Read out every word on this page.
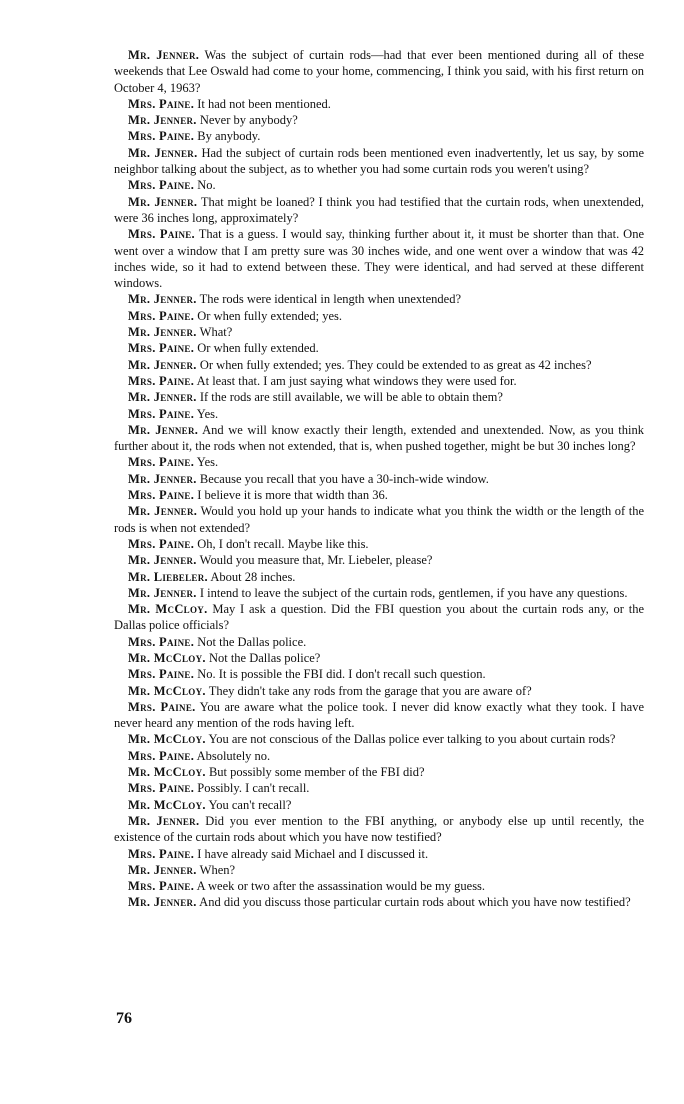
Mr. Jenner. Was the subject of curtain rods—had that ever been mentioned during all of these weekends that Lee Oswald had come to your home, commencing, I think you said, with his first return on October 4, 1963?

Mrs. Paine. It had not been mentioned.

Mr. Jenner. Never by anybody?

Mrs. Paine. By anybody.

Mr. Jenner. Had the subject of curtain rods been mentioned even inadvertently, let us say, by some neighbor talking about the subject, as to whether you had some curtain rods you weren't using?

Mrs. Paine. No.

Mr. Jenner. That might be loaned? I think you had testified that the curtain rods, when unextended, were 36 inches long, approximately?

Mrs. Paine. That is a guess. I would say, thinking further about it, it must be shorter than that. One went over a window that I am pretty sure was 30 inches wide, and one went over a window that was 42 inches wide, so it had to extend between these. They were identical, and had served at these different windows.

Mr. Jenner. The rods were identical in length when unextended?

Mrs. Paine. Or when fully extended; yes.

Mr. Jenner. What?

Mrs. Paine. Or when fully extended.

Mr. Jenner. Or when fully extended; yes. They could be extended to as great as 42 inches?

Mrs. Paine. At least that. I am just saying what windows they were used for.

Mr. Jenner. If the rods are still available, we will be able to obtain them?

Mrs. Paine. Yes.

Mr. Jenner. And we will know exactly their length, extended and unextended. Now, as you think further about it, the rods when not extended, that is, when pushed together, might be but 30 inches long?

Mrs. Paine. Yes.

Mr. Jenner. Because you recall that you have a 30-inch-wide window.

Mrs. Paine. I believe it is more that width than 36.

Mr. Jenner. Would you hold up your hands to indicate what you think the width or the length of the rods is when not extended?

Mrs. Paine. Oh, I don't recall. Maybe like this.

Mr. Jenner. Would you measure that, Mr. Liebeler, please?

Mr. Liebeler. About 28 inches.

Mr. Jenner. I intend to leave the subject of the curtain rods, gentlemen, if you have any questions.

Mr. McCloy. May I ask a question. Did the FBI question you about the curtain rods any, or the Dallas police officials?

Mrs. Paine. Not the Dallas police.

Mr. McCloy. Not the Dallas police?

Mrs. Paine. No. It is possible the FBI did. I don't recall such question.

Mr. McCloy. They didn't take any rods from the garage that you are aware of?

Mrs. Paine. You are aware what the police took. I never did know exactly what they took. I have never heard any mention of the rods having left.

Mr. McCloy. You are not conscious of the Dallas police ever talking to you about curtain rods?

Mrs. Paine. Absolutely no.

Mr. McCloy. But possibly some member of the FBI did?

Mrs. Paine. Possibly. I can't recall.

Mr. McCloy. You can't recall?

Mr. Jenner. Did you ever mention to the FBI anything, or anybody else up until recently, the existence of the curtain rods about which you have now testified?

Mrs. Paine. I have already said Michael and I discussed it.

Mr. Jenner. When?

Mrs. Paine. A week or two after the assassination would be my guess.

Mr. Jenner. And did you discuss those particular curtain rods about which you have now testified?

76
